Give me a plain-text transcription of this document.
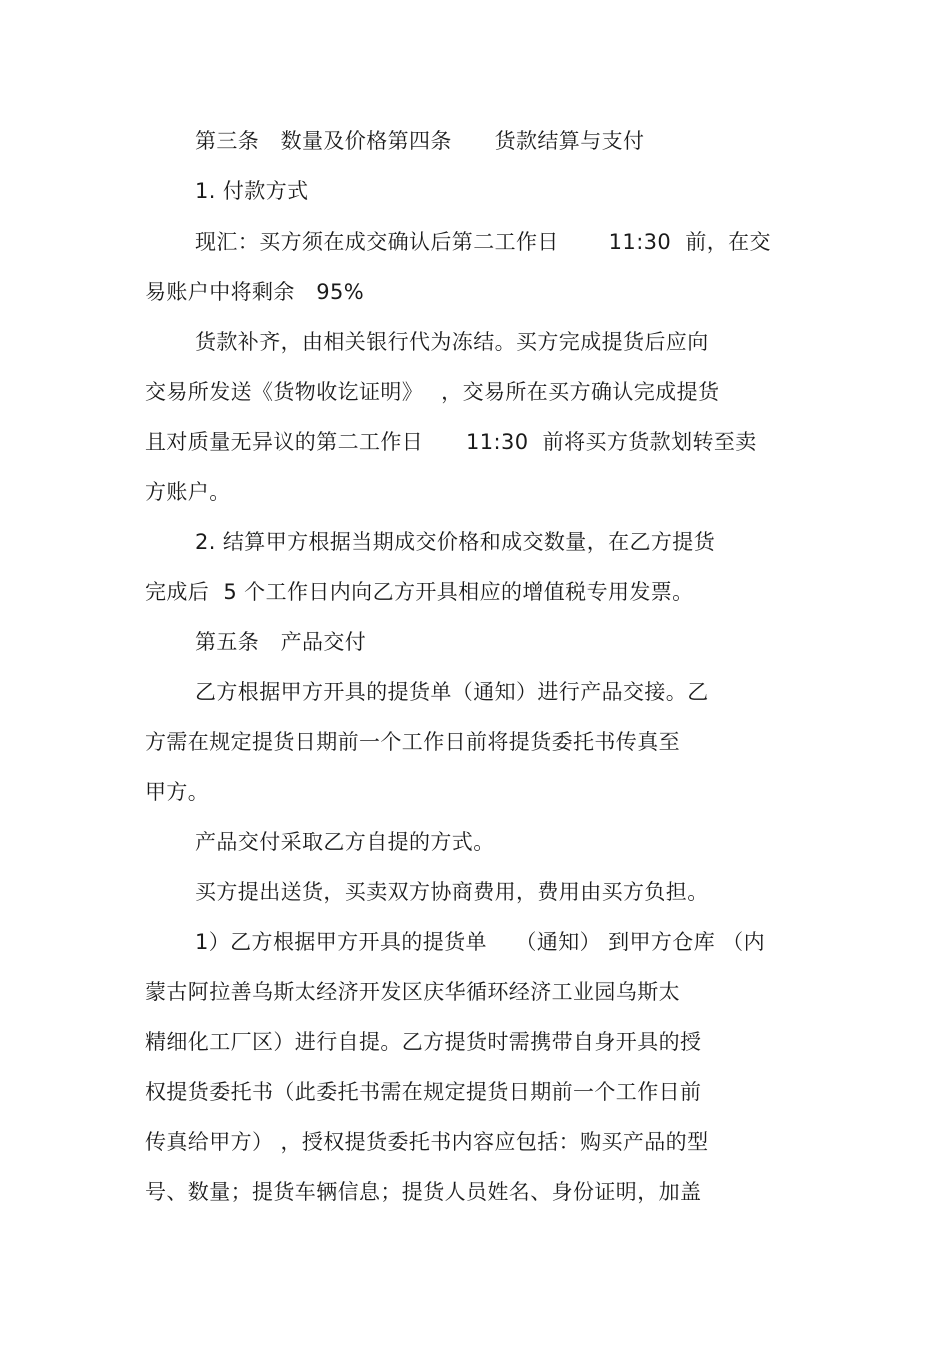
第三条　数量及价格第四条　　货款结算与支付
1. 付款方式
现汇：买方须在成交确认后第二工作日　　 11:30  前，在交
易账户中将剩余　95%
货款补齐，由相关银行代为冻结。买方完成提货后应向
交易所发送《货物收讫证明》　 ，交易所在买方确认完成提货
且对质量无异议的第二工作日　　11:30  前将买方货款划转至卖
方账户。
2. 结算甲方根据当期成交价格和成交数量，在乙方提货
完成后  5 个工作日内向乙方开具相应的增值税专用发票。
第五条　产品交付
乙方根据甲方开具的提货单（通知）进行产品交接。乙
方需在规定提货日期前一个工作日前将提货委托书传真至
甲方。
产品交付采取乙方自提的方式。
买方提出送货，买卖双方协商费用，费用由买方负担。
1）乙方根据甲方开具的提货单　 （通知） 到甲方仓库 （内
蒙古阿拉善乌斯太经济开发区庆华循环经济工业园乌斯太
精细化工厂区）进行自提。乙方提货时需携带自身开具的授
权提货委托书（此委托书需在规定提货日期前一个工作日前
传真给甲方） ，授权提货委托书内容应包括：购买产品的型
号、数量；提货车辆信息；提货人员姓名、身份证明，加盖
